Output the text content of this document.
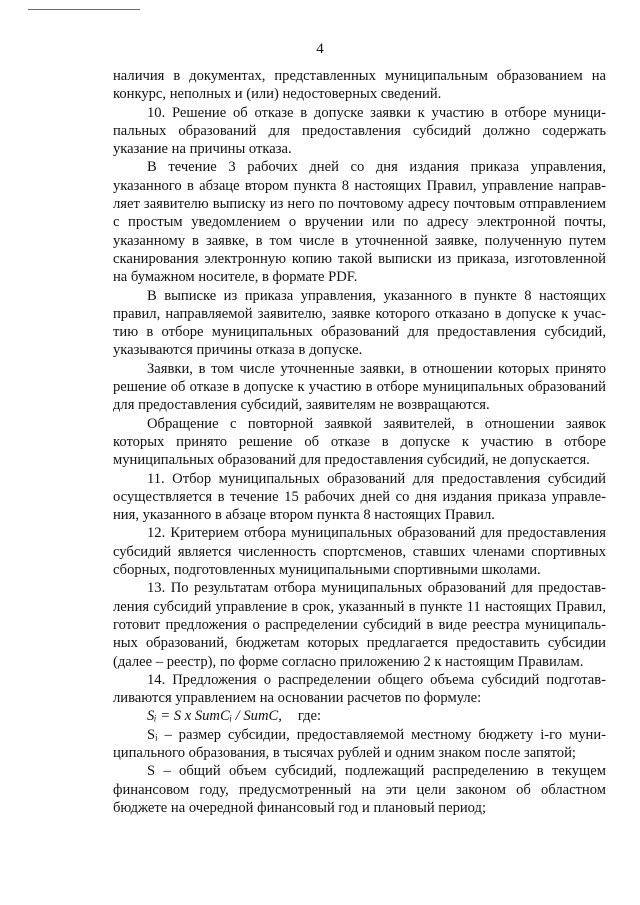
4

наличия в документах, представленных муниципальным образованием на конкурс, неполных и (или) недостоверных сведений.

10. Решение об отказе в допуске заявки к участию в отборе муниципальных образований для предоставления субсидий должно содержать указание на причины отказа.

В течение 3 рабочих дней со дня издания приказа управления, указанного в абзаце втором пункта 8 настоящих Правил, управление направляет заявителю выписку из него по почтовому адресу почтовым отправлением с простым уведомлением о вручении или по адресу электронной почты, указанному в заявке, в том числе в уточненной заявке, полученную путем сканирования электронную копию такой выписки из приказа, изготовленной на бумажном носителе, в формате PDF.

В выписке из приказа управления, указанного в пункте 8 настоящих правил, направляемой заявителю, заявке которого отказано в допуске к участию в отборе муниципальных образований для предоставления субсидий, указываются причины отказа в допуске.

Заявки, в том числе уточненные заявки, в отношении которых принято решение об отказе в допуске к участию в отборе муниципальных образований для предоставления субсидий, заявителям не возвращаются.

Обращение с повторной заявкой заявителей, в отношении заявок которых принято решение об отказе в допуске к участию в отборе муниципальных образований для предоставления субсидий, не допускается.

11. Отбор муниципальных образований для предоставления субсидий осуществляется в течение 15 рабочих дней со дня издания приказа управления, указанного в абзаце втором пункта 8 настоящих Правил.

12. Критерием отбора муниципальных образований для предоставления субсидий является численность спортсменов, ставших членами спортивных сборных, подготовленных муниципальными спортивными школами.

13. По результатам отбора муниципальных образований для предоставления субсидий управление в срок, указанный в пункте 11 настоящих Правил, готовит предложения о распределении субсидий в виде реестра муниципальных образований, бюджетам которых предлагается предоставить субсидии (далее – реестр), по форме согласно приложению 2 к настоящим Правилам.

14. Предложения о распределении общего объема субсидий подготавливаются управлением на основании расчетов по формуле:

Sᵢ = S x SumCᵢ / SumC, где:

Sᵢ – размер субсидии, предоставляемой местному бюджету i-го муниципального образования, в тысячах рублей и одним знаком после запятой;

S – общий объем субсидий, подлежащий распределению в текущем финансовом году, предусмотренный на эти цели законом об областном бюджете на очередной финансовый год и плановый период;
